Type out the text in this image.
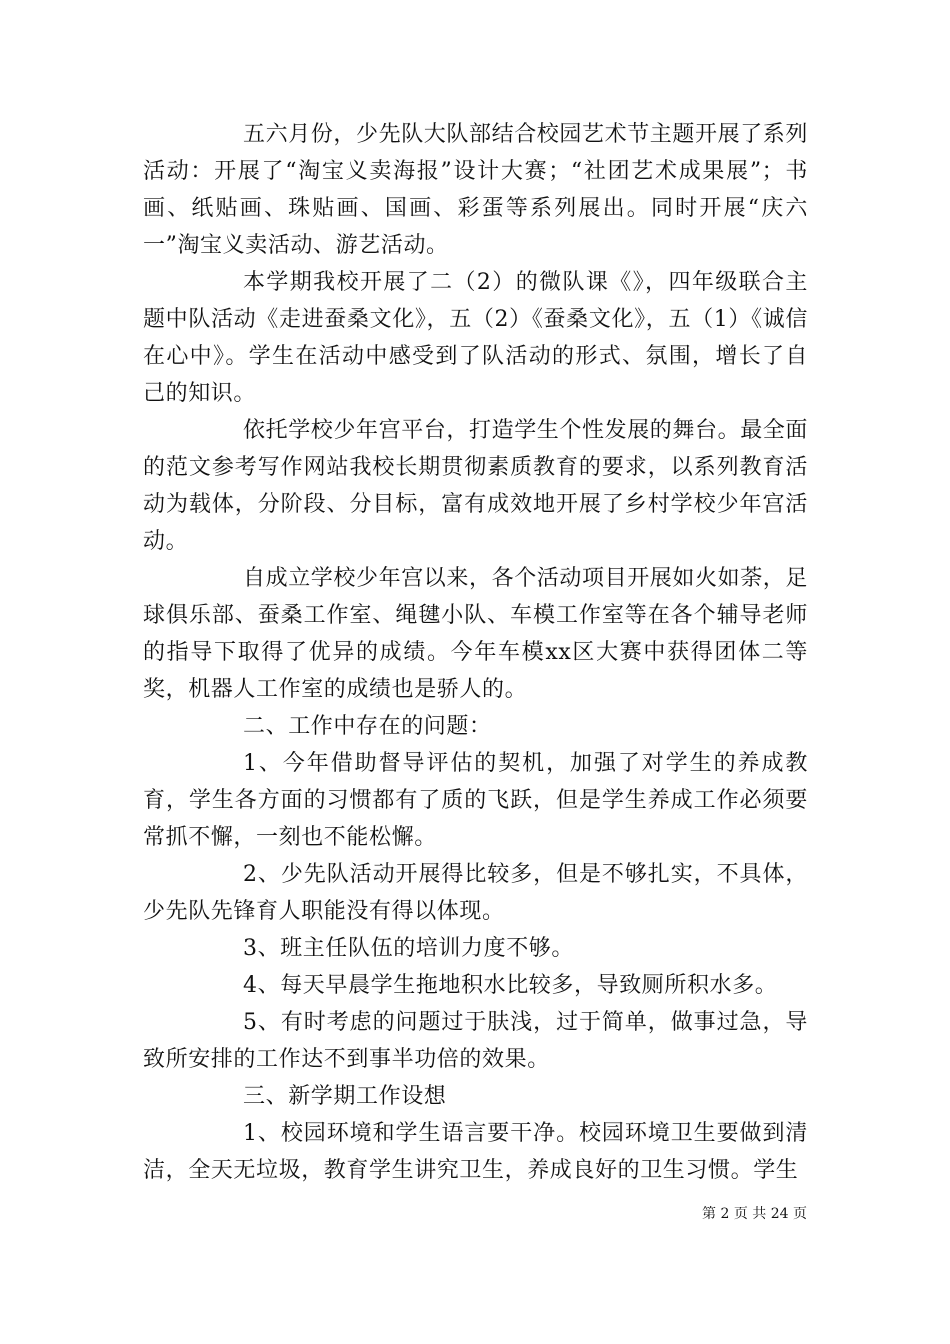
五六月份，少先队大队部结合校园艺术节主题开展了系列活动：开展了“淘宝义卖海报”设计大赛；“社团艺术成果展”；书画、纸贴画、珠贴画、国画、彩蛋等系列展出。同时开展“庆六一”淘宝义卖活动、游艺活动。

本学期我校开展了二（2）的微队课《》，四年级联合主题中队活动《走进蚕桑文化》，五（2）《蚕桑文化》，五（1）《诚信在心中》。学生在活动中感受到了队活动的形式、氛围，增长了自己的知识。

依托学校少年宫平台，打造学生个性发展的舞台。最全面的范文参考写作网站我校长期贯彻素质教育的要求，以系列教育活动为载体，分阶段、分目标，富有成效地开展了乡村学校少年宫活动。

自成立学校少年宫以来，各个活动项目开展如火如荼，足球俱乐部、蚕桑工作室、绳毽小队、车模工作室等在各个辅导老师的指导下取得了优异的成绩。今年车模xx区大赛中获得团体二等奖，机器人工作室的成绩也是骄人的。

二、工作中存在的问题：

1、今年借助督导评估的契机，加强了对学生的养成教育，学生各方面的习惯都有了质的飞跃，但是学生养成工作必须要常抓不懈，一刻也不能松懈。

2、少先队活动开展得比较多，但是不够扎实，不具体，少先队先锋育人职能没有得以体现。

3、班主任队伍的培训力度不够。

4、每天早晨学生拖地积水比较多，导致厕所积水多。

5、有时考虑的问题过于肤浅，过于简单，做事过急，导致所安排的工作达不到事半功倍的效果。

三、新学期工作设想

1、校园环境和学生语言要干净。校园环境卫生要做到清洁，全天无垃圾，教育学生讲究卫生，养成良好的卫生习惯。学生

第 2 页 共 24 页
